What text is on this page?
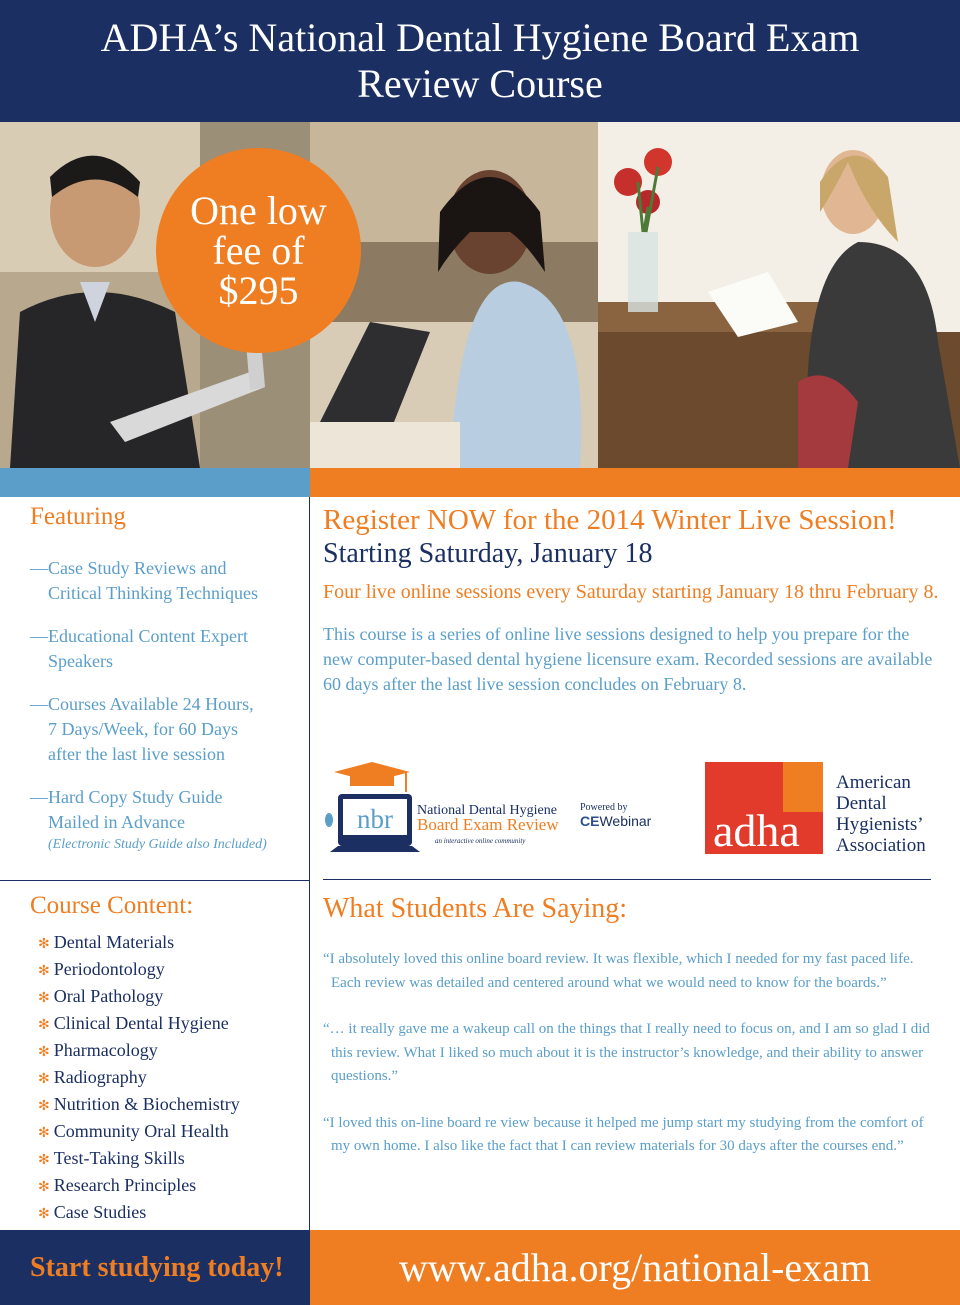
ADHA’s National Dental Hygiene Board Exam
Review Course
One low
fee of
$295
Featuring
—Case Study Reviews and
Critical Thinking Techniques
—Educational Content Expert
Speakers
—Courses Available 24 Hours,
7 Days/Week, for 60 Days
after the last live session
—Hard Copy Study Guide
Mailed in Advance
(Electronic Study Guide also Included)
Register NOW for the 2014 Winter Live Session!
Starting Saturday, January 18
Four live online sessions every Saturday starting January 18 thru February 8.
This course is a series of online live sessions designed to help you prepare for the new computer-based dental hygiene licensure exam. Recorded sessions are available 60 days after the last live session concludes on February 8.
nbr National Dental Hygiene
Board Exam Review
an interactive online community
Powered by
CEWebinar	adha
American
Dental
Hygienists’
Association
Course Content:
✻ Dental Materials
✻ Periodontology
✻ Oral Pathology
✻ Clinical Dental Hygiene
✻ Pharmacology
✻ Radiography
✻ Nutrition & Biochemistry
✻ Community Oral Health
✻ Test-Taking Skills
✻ Research Principles
✻ Case Studies
What Students Are Saying:
“I absolutely loved this online board review. It was flexible, which I needed for my fast paced life. Each review was detailed and centered around what we would need to know for the boards.”
“… it really gave me a wakeup call on the things that I really need to focus on, and I am so glad I did this review. What I liked so much about it is the instructor’s knowledge, and their ability to answer questions.”
“I loved this on-line board re view because it helped me jump start my studying from the comfort of my own home. I also like the fact that I can review materials for 30 days after the courses end.”
Start studying today!	www.adha.org/national-exam
